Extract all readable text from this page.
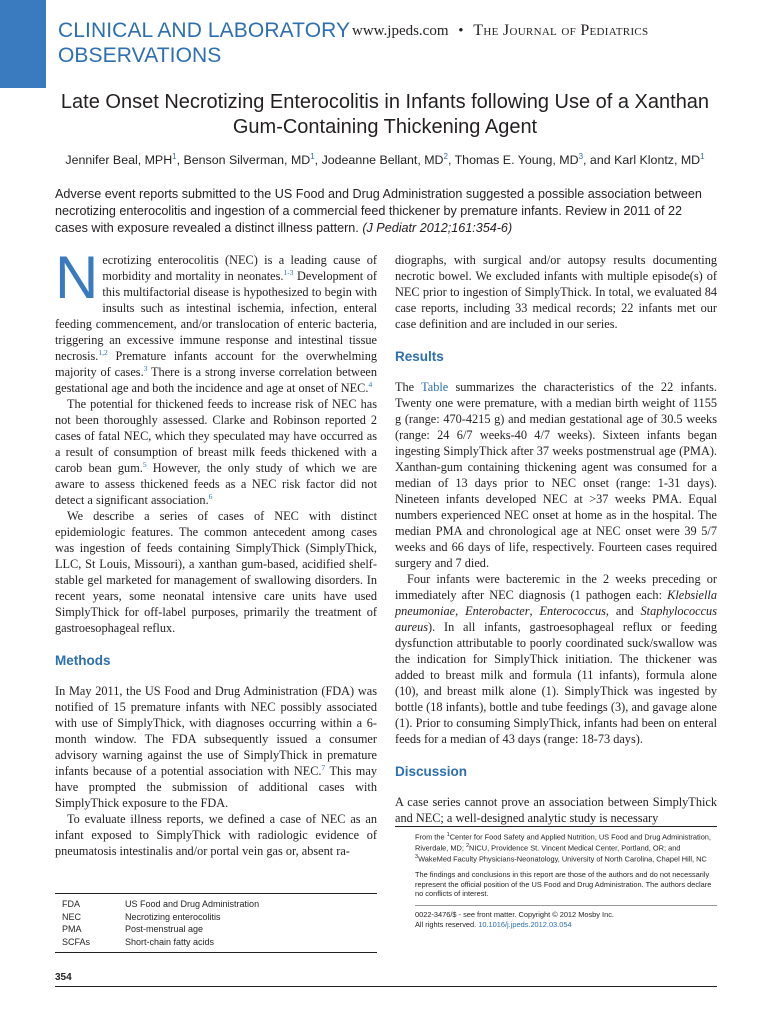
CLINICAL AND LABORATORY
OBSERVATIONS
www.jpeds.com • The Journal of Pediatrics
Late Onset Necrotizing Enterocolitis in Infants following Use of a Xanthan Gum-Containing Thickening Agent
Jennifer Beal, MPH$^1$, Benson Silverman, $MD^1$, Jodeanne Bellant, $MD^2$, Thomas E. Young, $MD^3$, and Karl Klontz, $MD^1$
Adverse event reports submitted to the US Food and Drug Administration suggested a possible association between necrotizing enterocolitis and ingestion of a commercial feed thickener by premature infants. Review in 2011 of 22 cases with exposure revealed a distinct illness pattern. (J Pediatr 2012;161:354-6)

Necrotizing enterocolitis (NEC) is a leading cause of morbidity and mortality in neonates.$^{1-3}$ Development of this multifactorial disease is hypothesized to begin with insults such as intestinal ischemia, infection, enteral feeding commencement, and/or translocation of enteric bacteria, triggering an excessive immune response and intestinal tissue necrosis.$^{1,2}$ Premature infants account for the overwhelming majority of cases.$^3$ There is a strong inverse correlation between gestational age and both the incidence and age at onset of NEC.$^4$

The potential for thickened feeds to increase risk of NEC has not been thoroughly assessed. Clarke and Robinson reported 2 cases of fatal NEC, which they speculated may have occurred as a result of consumption of breast milk feeds thickened with a carob bean gum.$^5$ However, the only study of which we are aware to assess thickened feeds as a NEC risk factor did not detect a significant association.$^6$

We describe a series of cases of NEC with distinct epidemiologic features. The common antecedent among cases was ingestion of feeds containing SimplyThick (SimplyThick, LLC, St Louis, Missouri), a xanthan gum-based, acidified shelf-stable gel marketed for management of swallowing disorders. In recent years, some neonatal intensive care units have used SimplyThick for off-label purposes, primarily the treatment of gastroesophageal reflux.

Methods

In May 2011, the US Food and Drug Administration (FDA) was notified of 15 premature infants with NEC possibly associated with use of SimplyThick, with diagnoses occurring within a 6-month window. The FDA subsequently issued a consumer advisory warning against the use of SimplyThick in premature infants because of a potential association with NEC.$^7$ This may have prompted the submission of additional cases with SimplyThick exposure to the FDA.

To evaluate illness reports, we defined a case of NEC as an infant exposed to SimplyThick with radiologic evidence of pneumatosis intestinalis and/or portal vein gas or, absent ra-

diographs, with surgical and/or autopsy results documenting necrotic bowel. We excluded infants with multiple episode(s) of NEC prior to ingestion of SimplyThick. In total, we evaluated 84 case reports, including 33 medical records; 22 infants met our case definition and are included in our series.

Results

The Table summarizes the characteristics of the 22 infants. Twenty one were premature, with a median birth weight of 1155 g (range: 470-4215 g) and median gestational age of 30.5 weeks (range: 24 6/7 weeks-40 4/7 weeks). Sixteen infants began ingesting SimplyThick after 37 weeks postmenstrual age (PMA). Xanthan-gum containing thickening agent was consumed for a median of 13 days prior to NEC onset (range: 1-31 days). Nineteen infants developed NEC at >37 weeks PMA. Equal numbers experienced NEC onset at home as in the hospital. The median PMA and chronological age at NEC onset were 39 5/7 weeks and 66 days of life, respectively. Fourteen cases required surgery and 7 died.

Four infants were bacteremic in the 2 weeks preceding or immediately after NEC diagnosis (1 pathogen each: Klebsiella pneumoniae, Enterobacter, Enterococcus, and Staphylococcus aureus). In all infants, gastroesophageal reflux or feeding dysfunction attributable to poorly coordinated suck/swallow was the indication for SimplyThick initiation. The thickener was added to breast milk and formula (11 infants), formula alone (10), and breast milk alone (1). SimplyThick was ingested by bottle (18 infants), bottle and tube feedings (3), and gavage alone (1). Prior to consuming SimplyThick, infants had been on enteral feeds for a median of 43 days (range: 18-73 days).

Discussion

A case series cannot prove an association between SimplyThick and NEC; a well-designed analytic study is necessary

From the $^1$Center for Food Safety and Applied Nutrition, US Food and Drug Administration, Riverdale, MD; $^2$NICU, Providence St. Vincent Medical Center, Portland, OR; and $^3$WakeMed Faculty Physicians-Neonatology, University of North Carolina, Chapel Hill, NC

The findings and conclusions in this report are those of the authors and do not necessarily represent the official position of the US Food and Drug Administration. The authors declare no conflicts of interest.

0022-3476/$ - see front matter. Copyright © 2012 Mosby Inc.
All rights reserved. 10.1016/j.jpeds.2012.03.054

FDA	US Food and Drug Administration
NEC	Necrotizing enterocolitis
PMA	Post-menstrual age
SCFAs	Short-chain fatty acids
354
